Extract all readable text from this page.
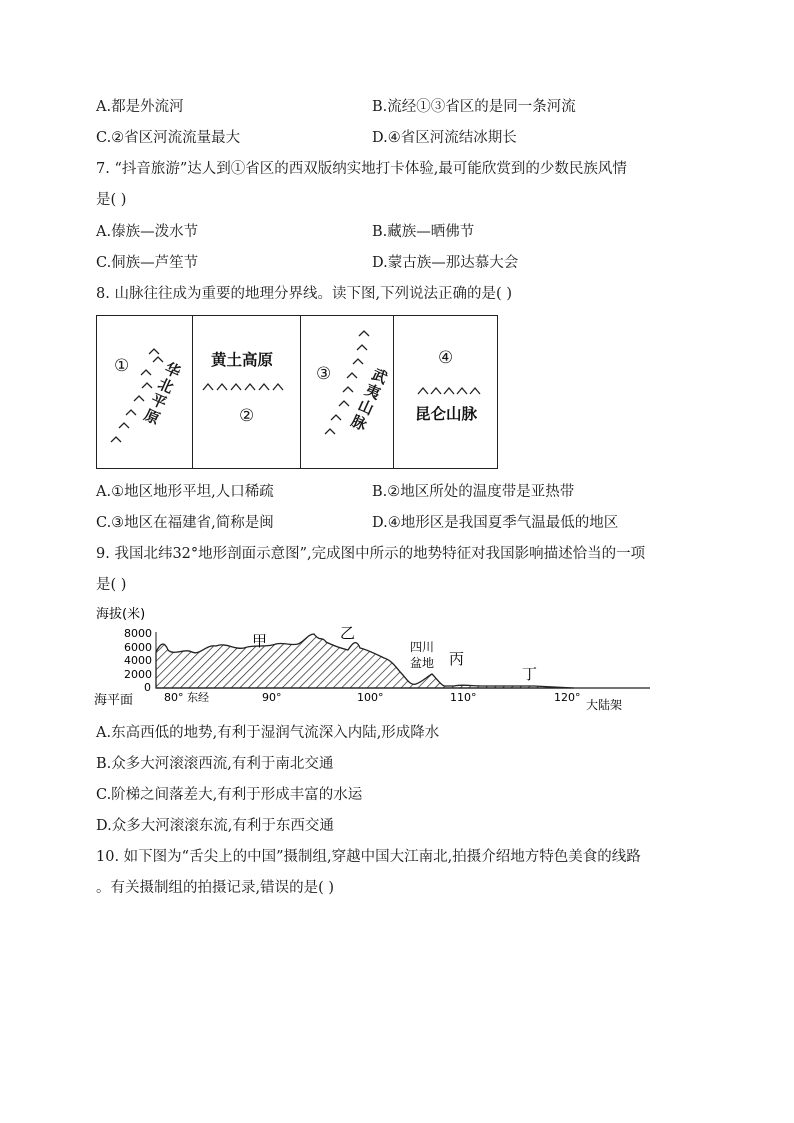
A.都是外流河	B.流经①③省区的是同一条河流
C.②省区河流流量最大	D.④省区河流结冰期长
7. “抖音旅游”达人到①省区的西双版纳实地打卡体验,最可能欣赏到的少数民族风情
是( )
A.傣族—泼水节	B.藏族—晒佛节
C.侗族—芦笙节	D.蒙古族—那达慕大会
8. 山脉往往成为重要的地理分界线。读下图,下列说法正确的是( )
① 华
北
平
原
黄土高原
②
③	武
夷
山
脉
④
昆仑山脉
A.①地区地形平坦,人口稀疏	B.②地区所处的温度带是亚热带
C.③地区在福建省,简称是闽	D.④地形区是我国夏季气温最低的地区
9. 我国北纬32°地形剖面示意图”,完成图中所示的地势特征对我国影响描述恰当的一项
是( )
海拔(米)
8000
6000
4000
2000
0
海平面	80° 东经	90°	100°	110°	120°
甲	乙
四川
盆地 丙
丁
大陆架
A.东高西低的地势,有利于湿润气流深入内陆,形成降水
B.众多大河滚滚西流,有利于南北交通
C.阶梯之间落差大,有利于形成丰富的水运
D.众多大河滚滚东流,有利于东西交通
10. 如下图为“舌尖上的中国”摄制组,穿越中国大江南北,拍摄介绍地方特色美食的线路
。有关摄制组的拍摄记录,错误的是( )
